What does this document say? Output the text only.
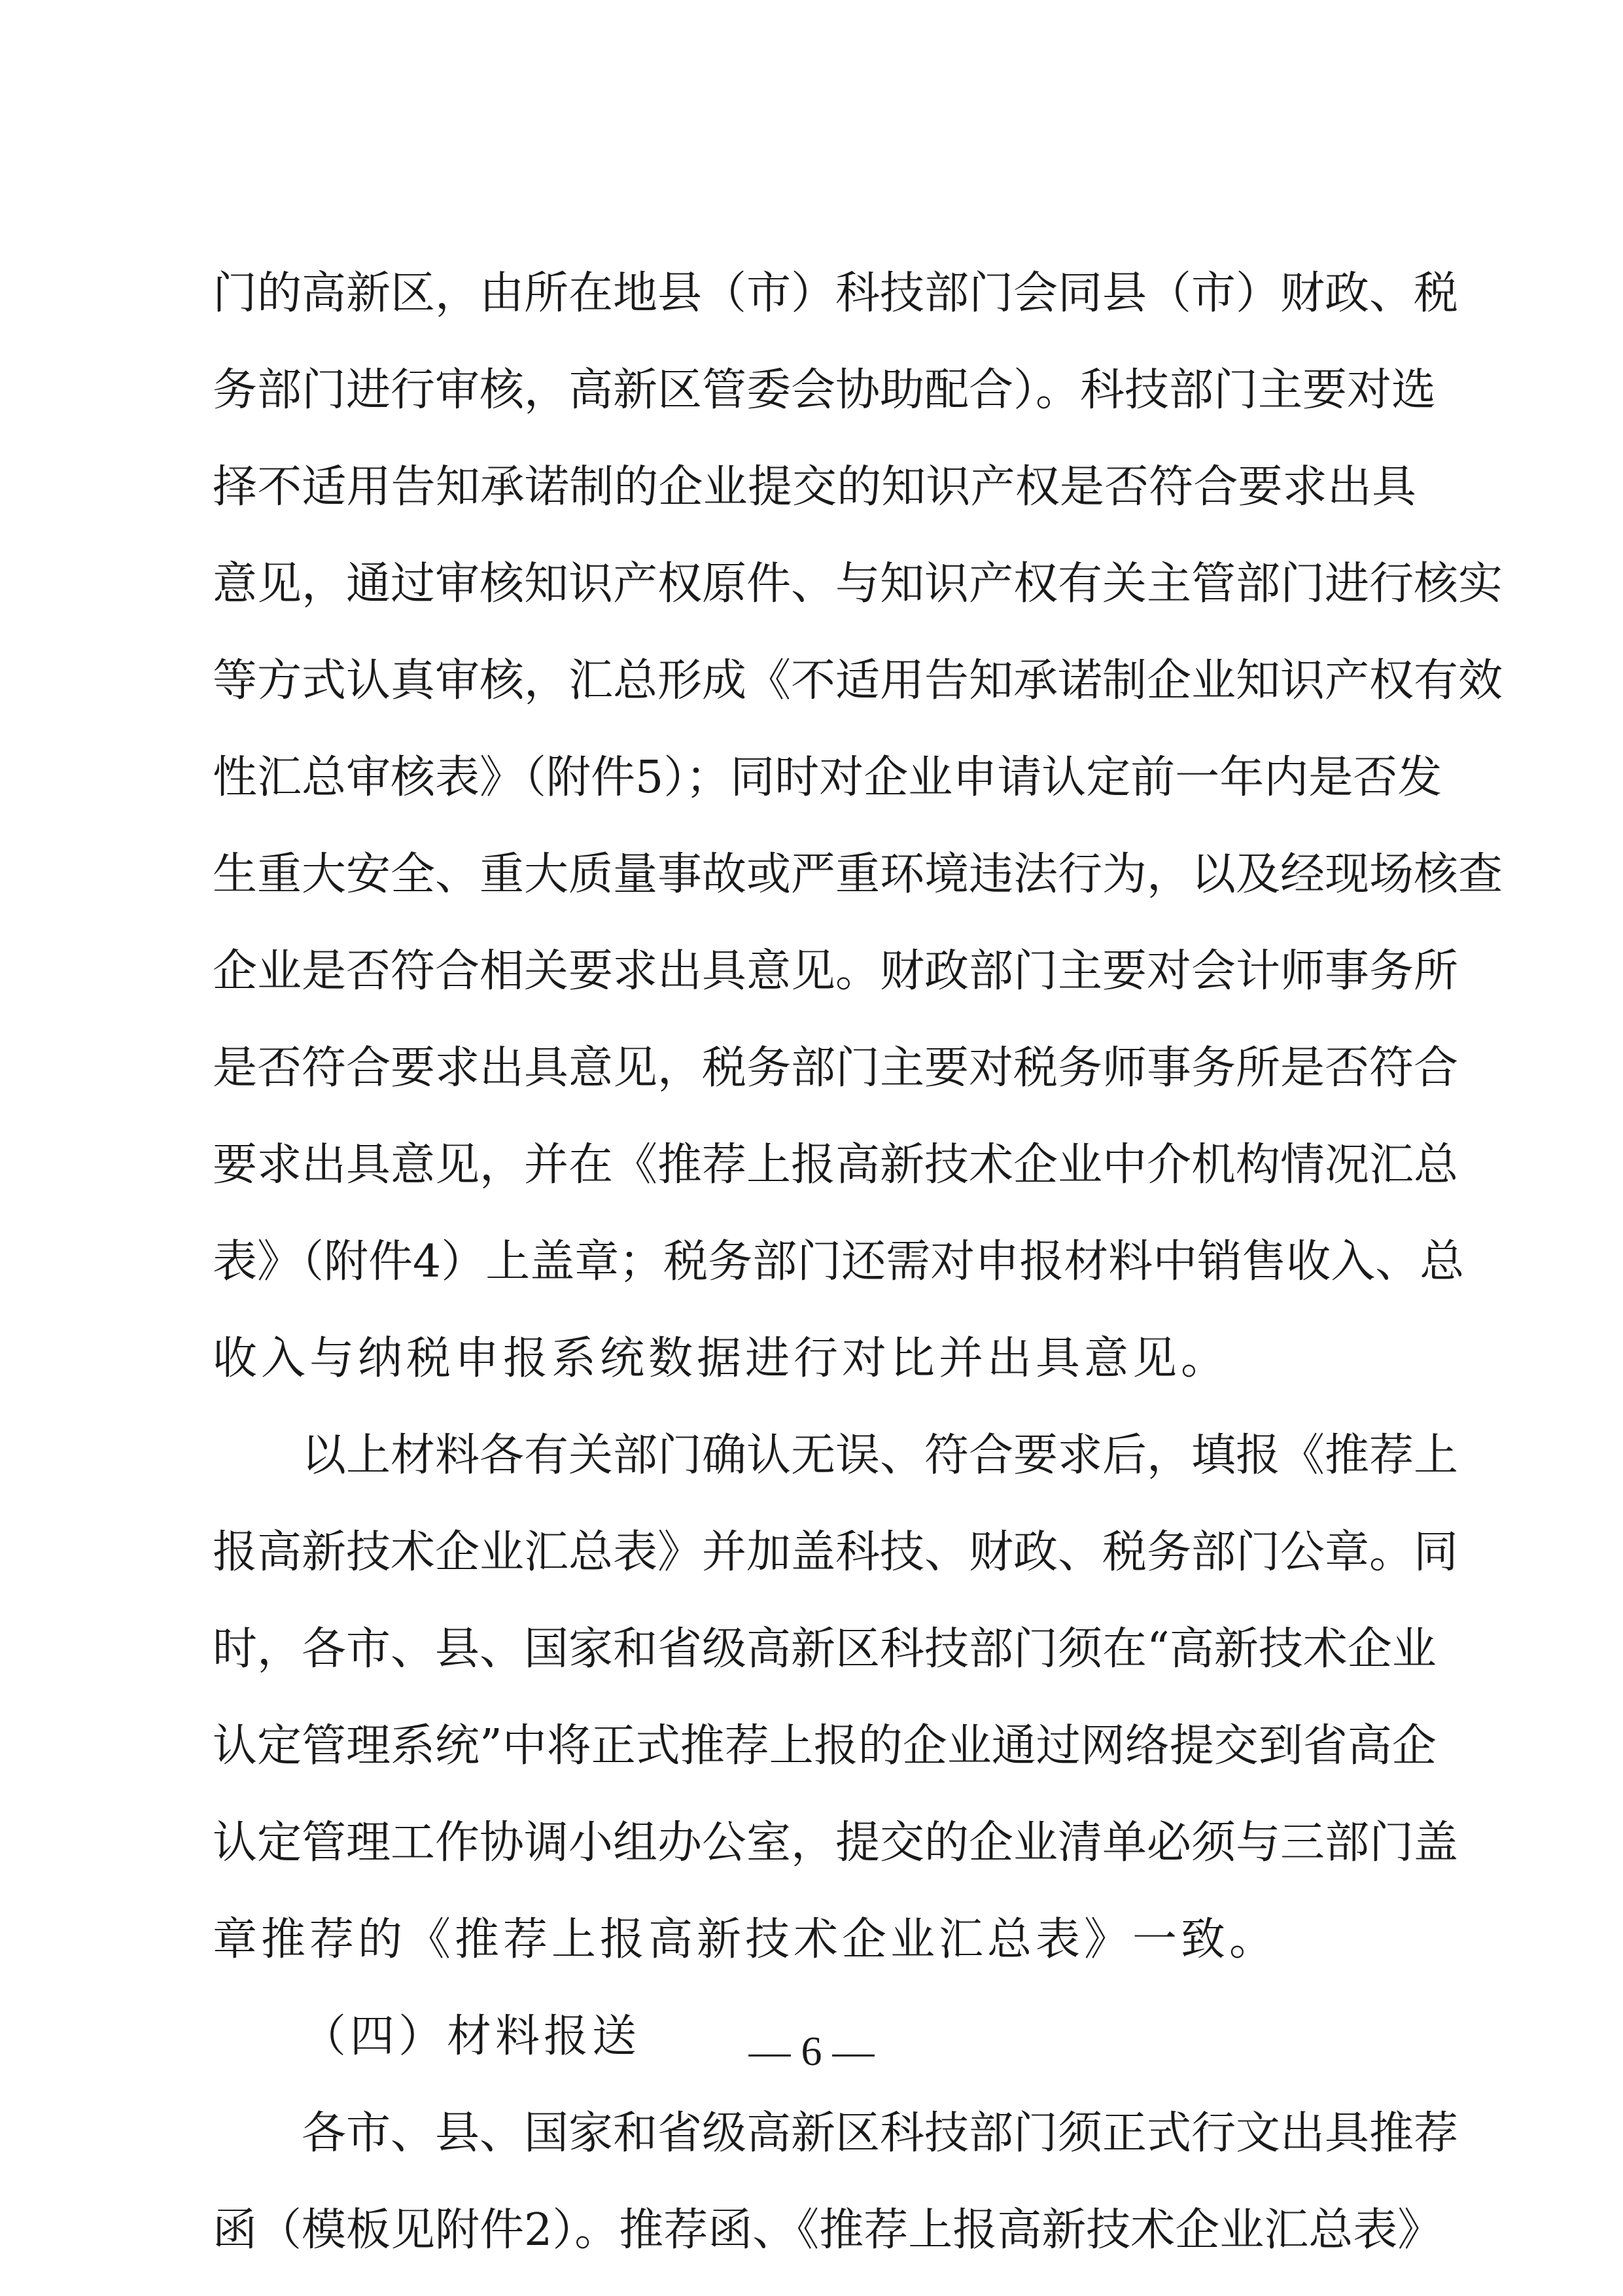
门的高新区，由所在地县（市）科技部门会同县（市）财政、税
务部门进行审核，高新区管委会协助配合）。科技部门主要对选
择不适用告知承诺制的企业提交的知识产权是否符合要求出具
意见，通过审核知识产权原件、与知识产权有关主管部门进行核实
等方式认真审核，汇总形成《不适用告知承诺制企业知识产权有效
性汇总审核表》（附件5）；同时对企业申请认定前一年内是否发
生重大安全、重大质量事故或严重环境违法行为，以及经现场核查
企业是否符合相关要求出具意见。财政部门主要对会计师事务所
是否符合要求出具意见，税务部门主要对税务师事务所是否符合
要求出具意见，并在《推荐上报高新技术企业中介机构情况汇总
表》（附件4）上盖章；税务部门还需对申报材料中销售收入、总
收入与纳税申报系统数据进行对比并出具意见。
以上材料各有关部门确认无误、符合要求后，填报《推荐上
报高新技术企业汇总表》并加盖科技、财政、税务部门公章。同
时，各市、县、国家和省级高新区科技部门须在“高新技术企业
认定管理系统”中将正式推荐上报的企业通过网络提交到省高企
认定管理工作协调小组办公室，提交的企业清单必须与三部门盖
章推荐的《推荐上报高新技术企业汇总表》一致。
（四）材料报送
各市、县、国家和省级高新区科技部门须正式行文出具推荐
函（模板见附件2）。推荐函、《推荐上报高新技术企业汇总表》
— 6 —
